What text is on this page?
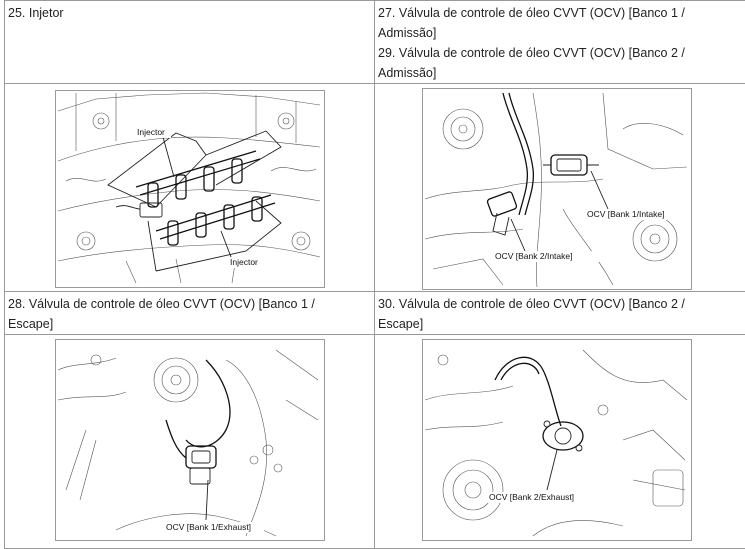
25. Injetor	27. Válvula de controle de óleo CVVT (OCV) [Banco 1 /
Admissão]
29. Válvula de controle de óleo CVVT (OCV) [Banco 2 /
Admissão]

Injector
Injector	OCV [Bank 1/Intake]
OCV [Bank 2/Intake]

28. Válvula de controle de óleo CVVT (OCV) [Banco 1 /
Escape]	30. Válvula de controle de óleo CVVT (OCV) [Banco 2 /
Escape]

OCV [Bank 1/Exhaust]	OCV [Bank 2/Exhaust]
